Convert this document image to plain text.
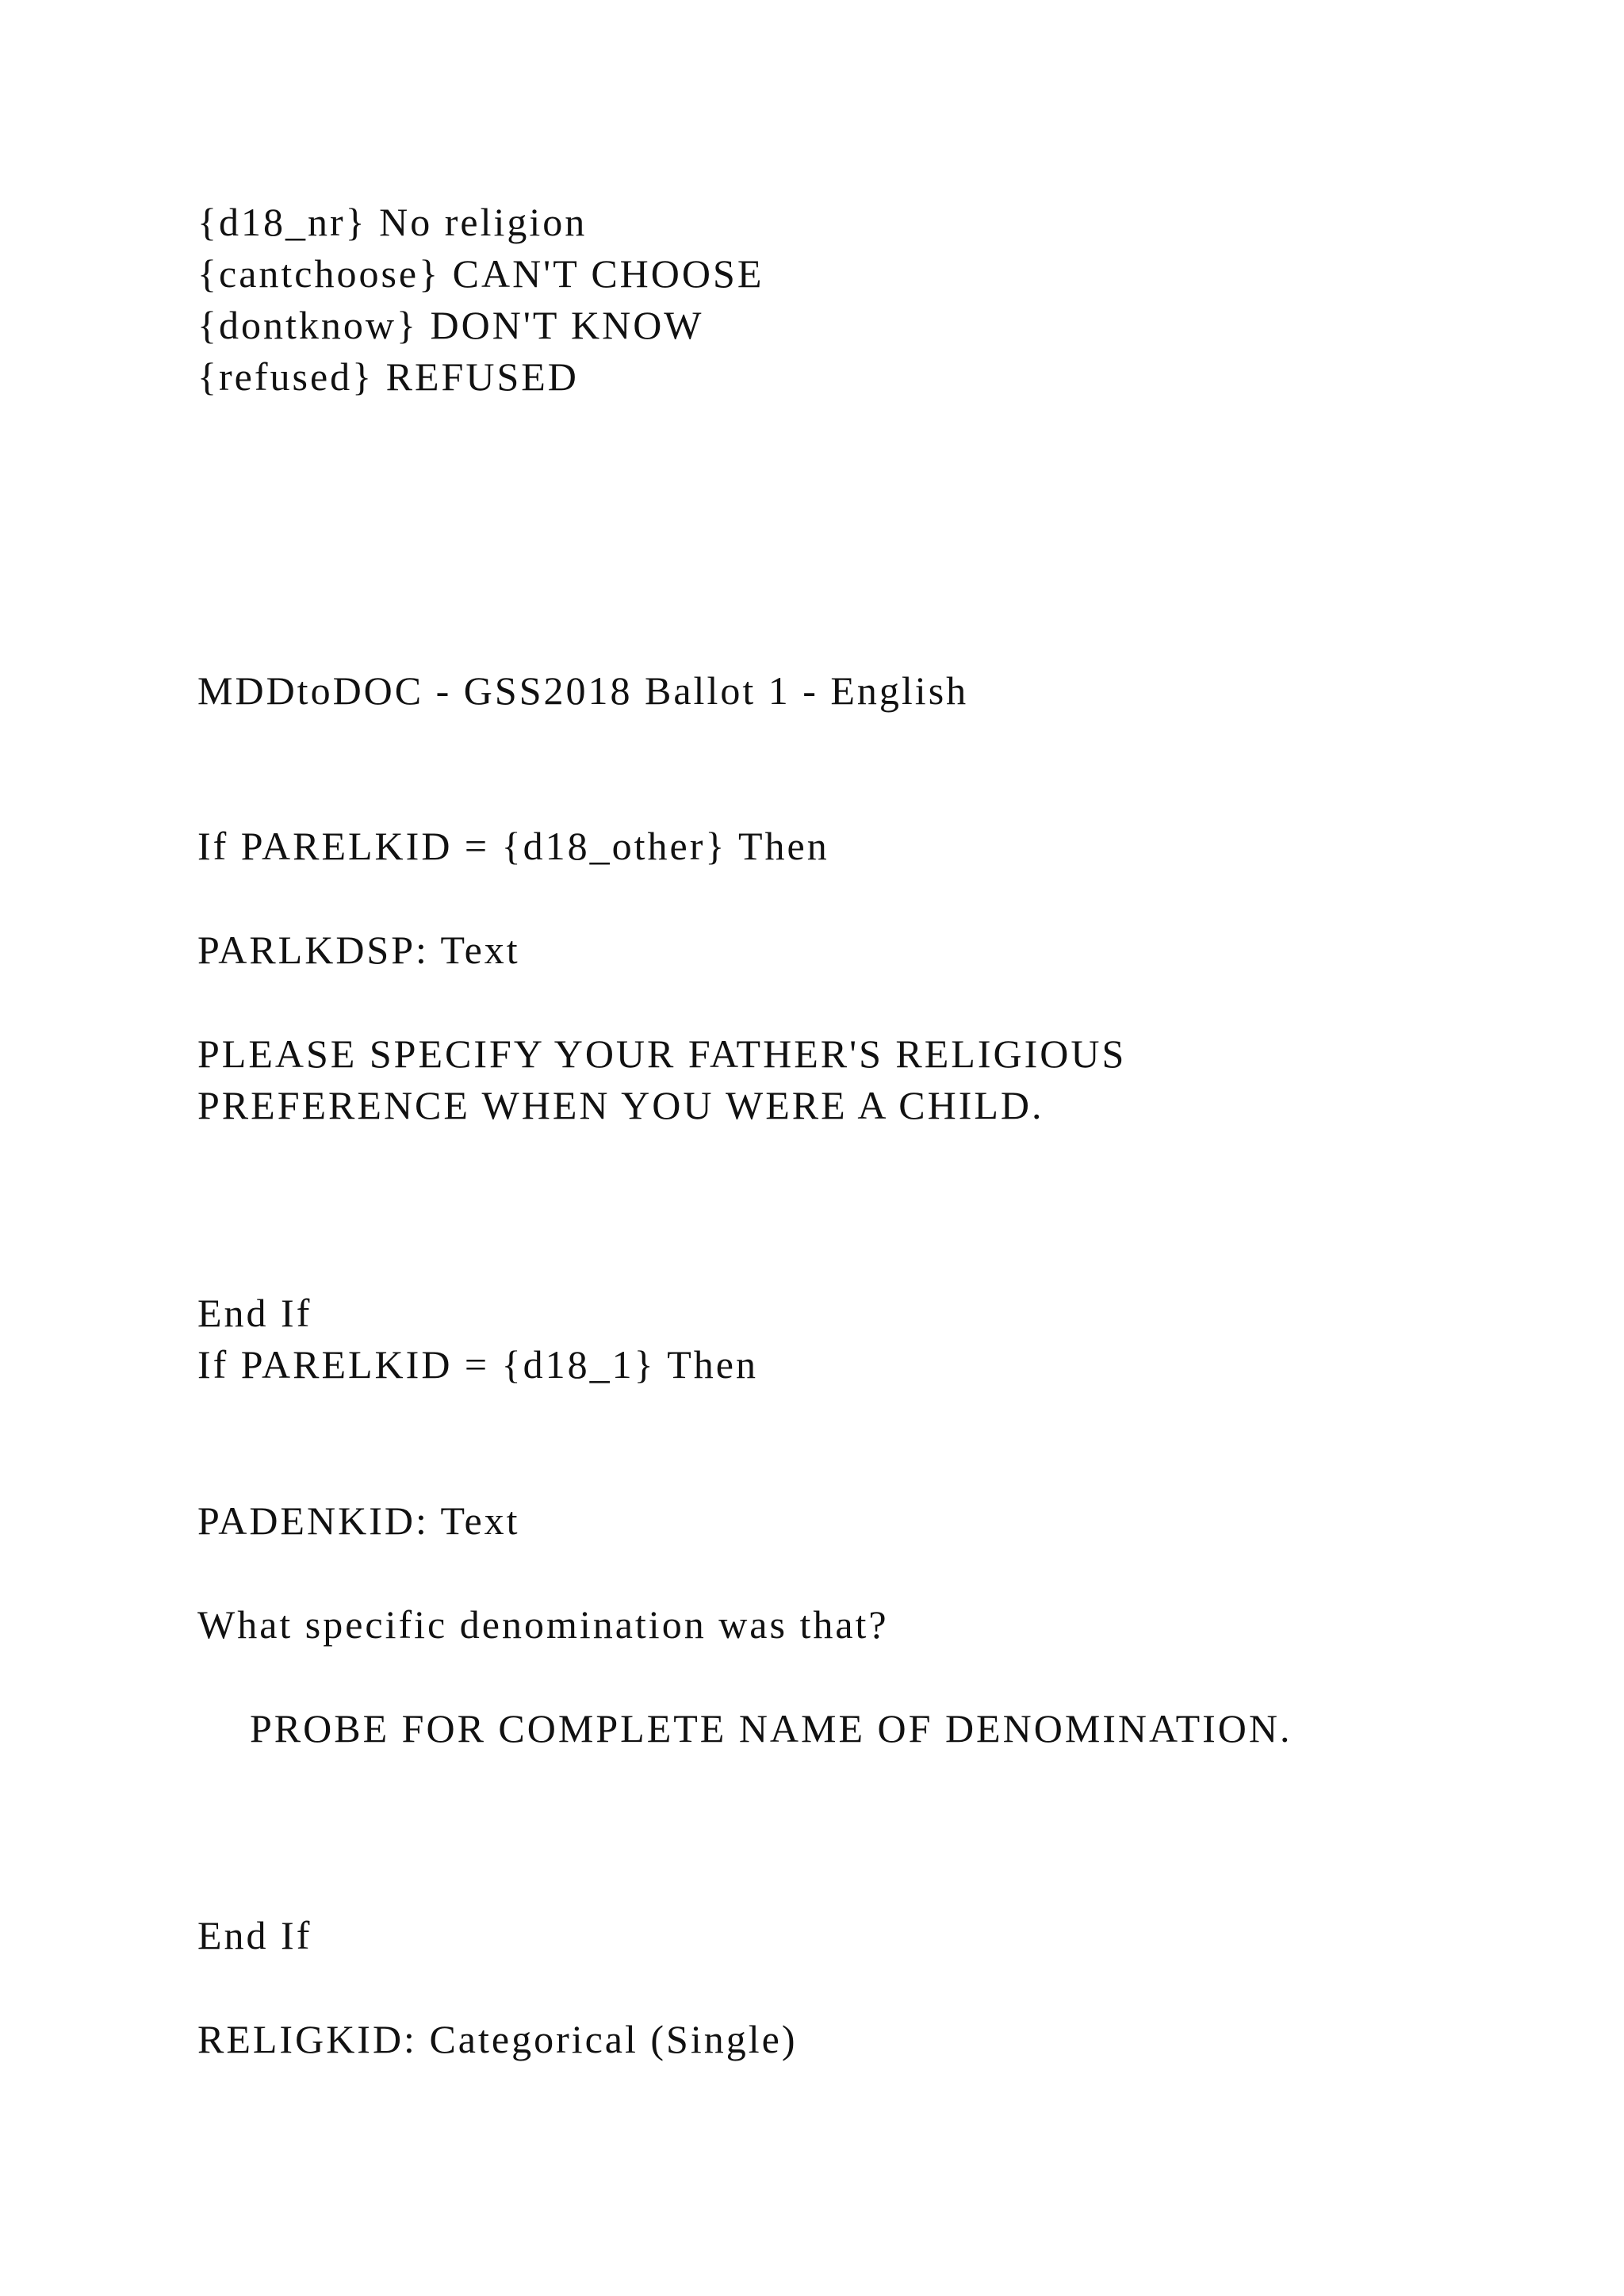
{d18_nr} No religion
{cantchoose} CAN'T CHOOSE
{dontknow} DON'T KNOW
{refused} REFUSED
MDDtoDOC - GSS2018 Ballot 1 - English
If PARELKID = {d18_other} Then
PARLKDSP: Text
PLEASE SPECIFY YOUR FATHER'S RELIGIOUS
PREFERENCE WHEN YOU WERE A CHILD.
End If
If PARELKID = {d18_1} Then
PADENKID: Text
What specific denomination was that?
PROBE FOR COMPLETE NAME OF DENOMINATION.
End If
RELIGKID: Categorical (Single)
